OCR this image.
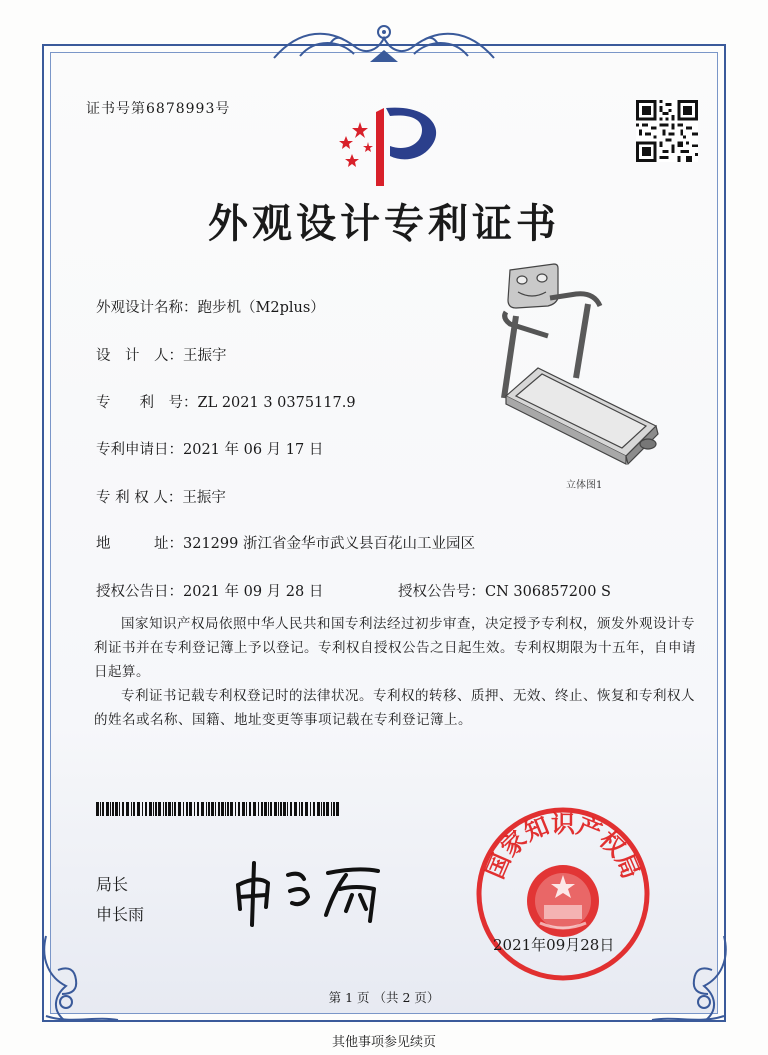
证书号第6878993号
外观设计专利证书
外观设计名称：跑步机（M2plus）
设　计　人：王振宇
专　　利　号：ZL 2021 3 0375117.9
专利申请日：2021 年 06 月 17 日
专 利 权 人：王振宇
地　　　址：321299 浙江省金华市武义县百花山工业园区
授权公告日：2021 年 09 月 28 日	授权公告号：CN 306857200 S
立体图1
国家知识产权局依照中华人民共和国专利法经过初步审查，决定授予专利权，颁发外观设计专利证书并在专利登记簿上予以登记。专利权自授权公告之日起生效。专利权期限为十五年，自申请日起算。
专利证书记载专利权登记时的法律状况。专利权的转移、质押、无效、终止、恢复和专利权人的姓名或名称、国籍、地址变更等事项记载在专利登记簿上。
局长
申长雨
国家知识产权局
2021年09月28日
第 1 页 （共 2 页）
其他事项参见续页
